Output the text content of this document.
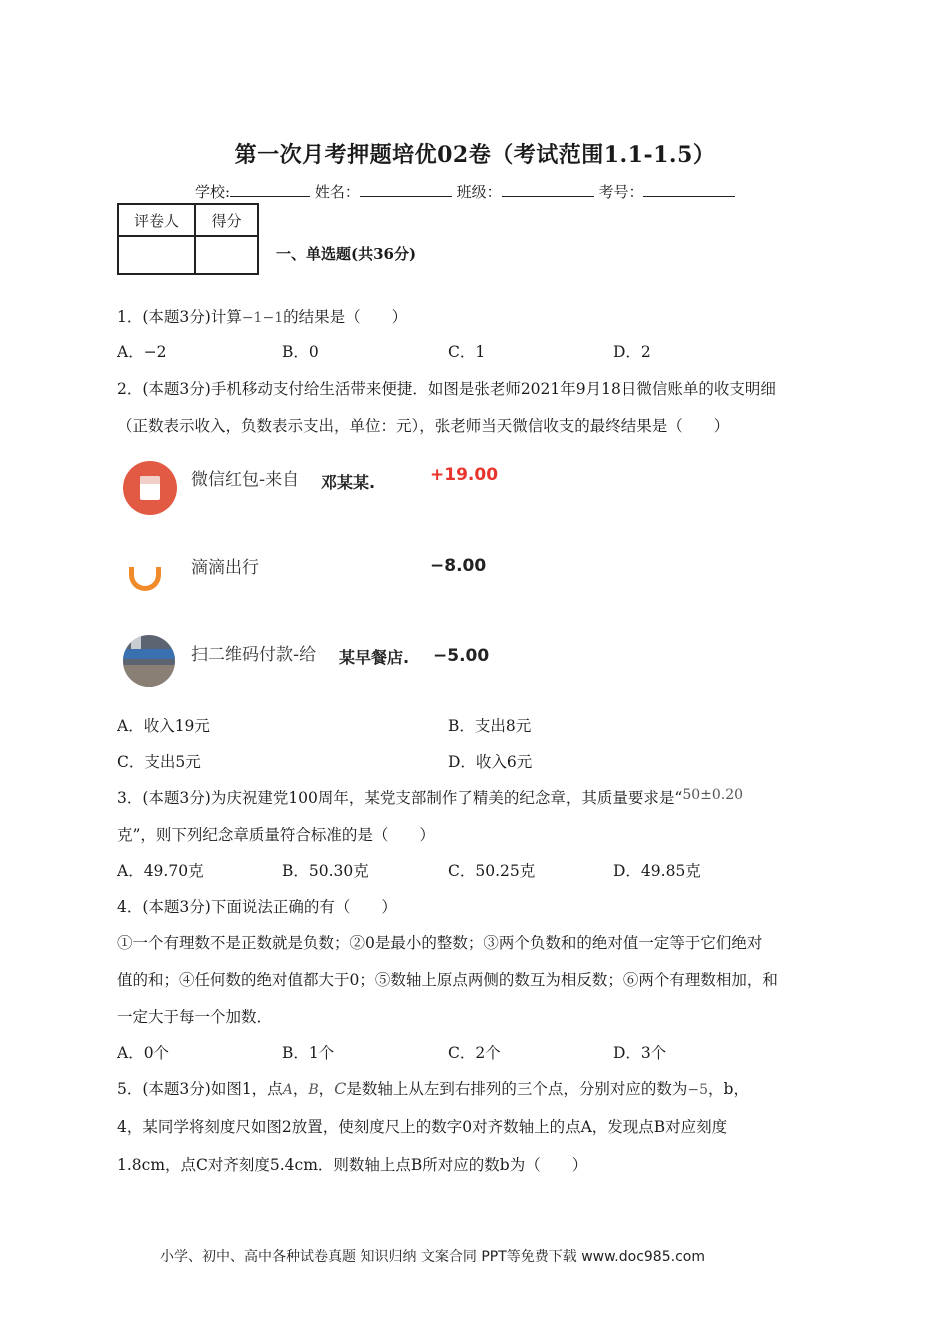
第一次月考押题培优02卷（考试范围1.1-1.5）
学校:	姓名：	班级：	考号：
评卷人	得分

一、单选题(共36分)
1．(本题3分)计算−1−1的结果是（　　）
A．−2	B．0	C．1	D．2
2．(本题3分)手机移动支付给生活带来便捷．如图是张老师2021年9月18日微信账单的收支明细
（正数表示收入，负数表示支出，单位：元），张老师当天微信收支的最终结果是（　　）
微信红包-来自 邓某某.	+19.00
滴滴出行	−8.00
扫二维码付款-给 某早餐店. −5.00
A．收入19元	B．支出8元
C．支出5元	D．收入6元
3．(本题3分)为庆祝建党100周年，某党支部制作了精美的纪念章，其质量要求是“50±0.20
克”，则下列纪念章质量符合标准的是（　　）
A．49.70克	B．50.30克	C．50.25克	D．49.85克
4．(本题3分)下面说法正确的有（　　）
①一个有理数不是正数就是负数；②0是最小的整数；③两个负数和的绝对值一定等于它们绝对
值的和；④任何数的绝对值都大于0；⑤数轴上原点两侧的数互为相反数；⑥两个有理数相加，和
一定大于每一个加数．
A．0个	B．1个	C．2个	D．3个
5．(本题3分)如图1，点A，B，C是数轴上从左到右排列的三个点，分别对应的数为−5，b，
4，某同学将刻度尺如图2放置，使刻度尺上的数字0对齐数轴上的点A，发现点B对应刻度
1.8cm，点C对齐刻度5.4cm．则数轴上点B所对应的数b为（　　）
小学、初中、高中各种试卷真题 知识归纳 文案合同 PPT等免费下载 www.doc985.com
